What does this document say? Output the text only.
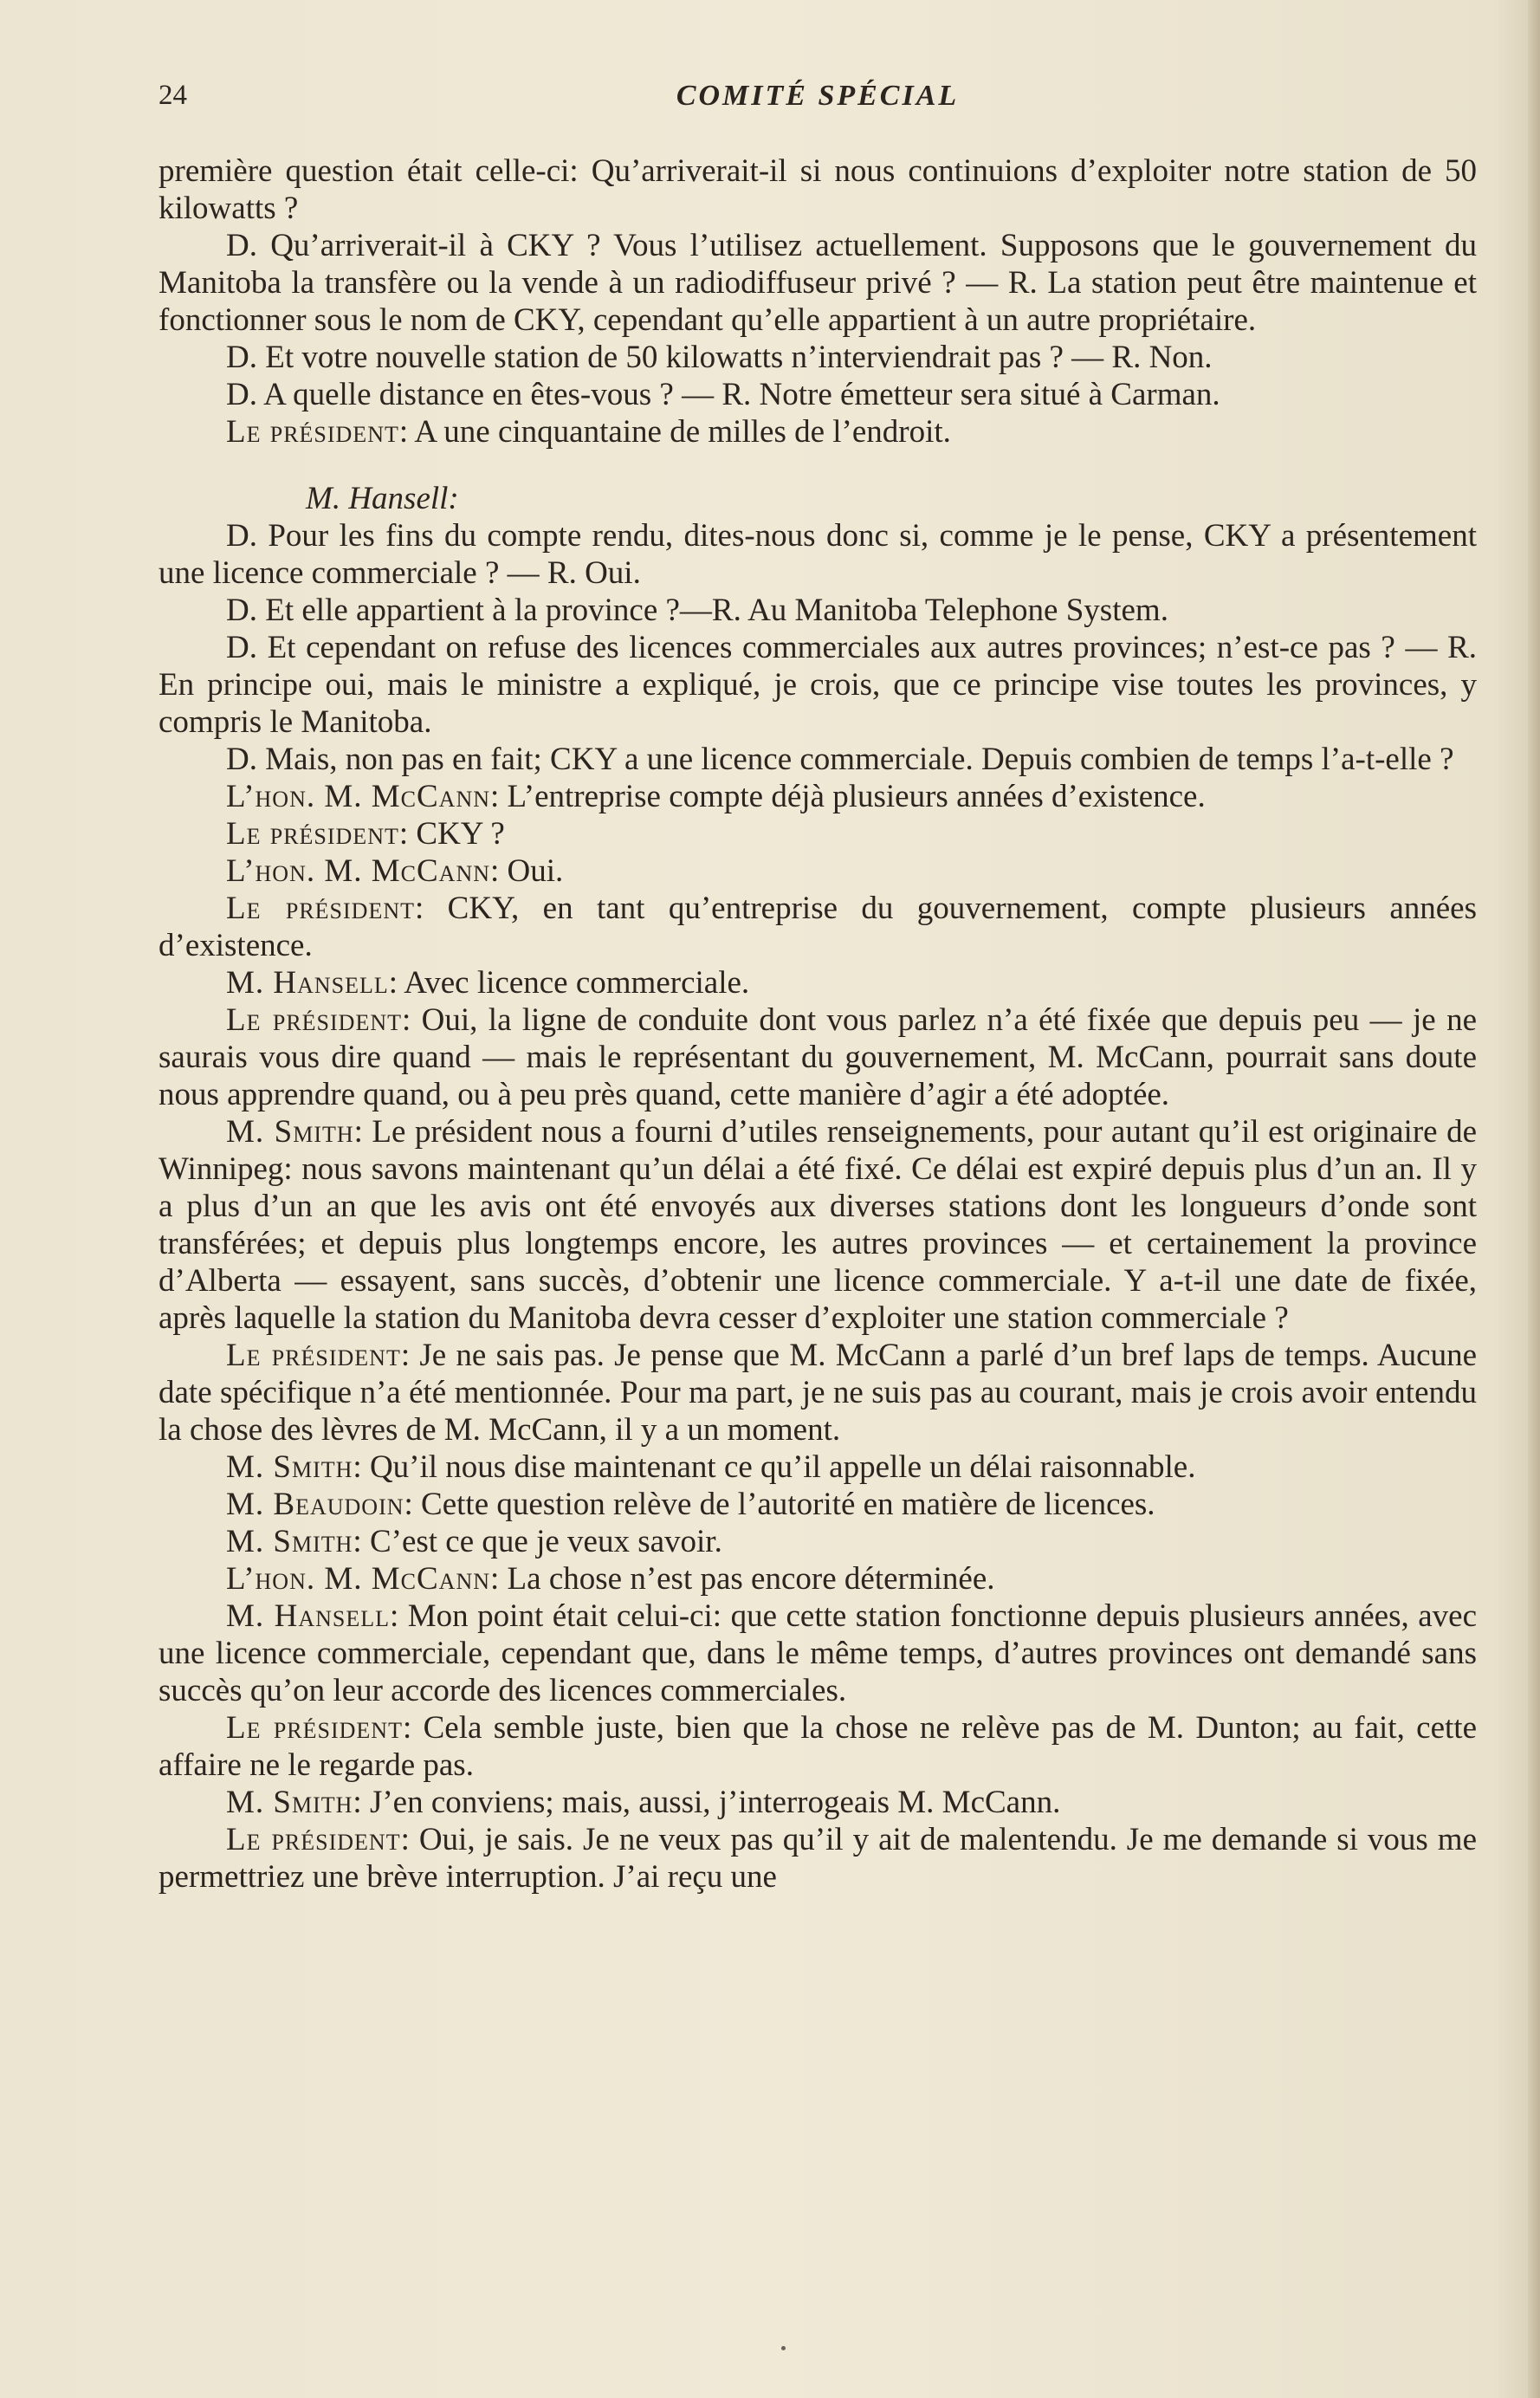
24	COMITÉ SPÉCIAL

première question était celle-ci: Qu’arriverait-il si nous continuions d’exploiter notre station de 50 kilowatts ?

D. Qu’arriverait-il à CKY ? Vous l’utilisez actuellement. Supposons que le gouvernement du Manitoba la transfère ou la vende à un radiodiffuseur privé ? — R. La station peut être maintenue et fonctionner sous le nom de CKY, cependant qu’elle appartient à un autre propriétaire.

D. Et votre nouvelle station de 50 kilowatts n’interviendrait pas ? — R. Non.

D. A quelle distance en êtes-vous ? — R. Notre émetteur sera situé à Carman.

Le président: A une cinquantaine de milles de l’endroit.

M. Hansell:

D. Pour les fins du compte rendu, dites-nous donc si, comme je le pense, CKY a présentement une licence commerciale ? — R. Oui.

D. Et elle appartient à la province ?—R. Au Manitoba Telephone System.

D. Et cependant on refuse des licences commerciales aux autres provinces; n’est-ce pas ? — R. En principe oui, mais le ministre a expliqué, je crois, que ce principe vise toutes les provinces, y compris le Manitoba.

D. Mais, non pas en fait; CKY a une licence commerciale. Depuis combien de temps l’a-t-elle ?

L’hon. M. McCann: L’entreprise compte déjà plusieurs années d’existence.

Le président: CKY ?

L’hon. M. McCann: Oui.

Le président: CKY, en tant qu’entreprise du gouvernement, compte plusieurs années d’existence.

M. Hansell: Avec licence commerciale.

Le président: Oui, la ligne de conduite dont vous parlez n’a été fixée que depuis peu — je ne saurais vous dire quand — mais le représentant du gouvernement, M. McCann, pourrait sans doute nous apprendre quand, ou à peu près quand, cette manière d’agir a été adoptée.

M. Smith: Le président nous a fourni d’utiles renseignements, pour autant qu’il est originaire de Winnipeg: nous savons maintenant qu’un délai a été fixé. Ce délai est expiré depuis plus d’un an. Il y a plus d’un an que les avis ont été envoyés aux diverses stations dont les longueurs d’onde sont transférées; et depuis plus longtemps encore, les autres provinces — et certainement la province d’Alberta — essayent, sans succès, d’obtenir une licence commerciale. Y a-t-il une date de fixée, après laquelle la station du Manitoba devra cesser d’exploiter une station commerciale ?

Le président: Je ne sais pas. Je pense que M. McCann a parlé d’un bref laps de temps. Aucune date spécifique n’a été mentionnée. Pour ma part, je ne suis pas au courant, mais je crois avoir entendu la chose des lèvres de M. McCann, il y a un moment.

M. Smith: Qu’il nous dise maintenant ce qu’il appelle un délai raisonnable.

M. Beaudoin: Cette question relève de l’autorité en matière de licences.

M. Smith: C’est ce que je veux savoir.

L’hon. M. McCann: La chose n’est pas encore déterminée.

M. Hansell: Mon point était celui-ci: que cette station fonctionne depuis plusieurs années, avec une licence commerciale, cependant que, dans le même temps, d’autres provinces ont demandé sans succès qu’on leur accorde des licences commerciales.

Le président: Cela semble juste, bien que la chose ne relève pas de M. Dunton; au fait, cette affaire ne le regarde pas.

M. Smith: J’en conviens; mais, aussi, j’interrogeais M. McCann.

Le président: Oui, je sais. Je ne veux pas qu’il y ait de malentendu. Je me demande si vous me permettriez une brève interruption. J’ai reçu une
